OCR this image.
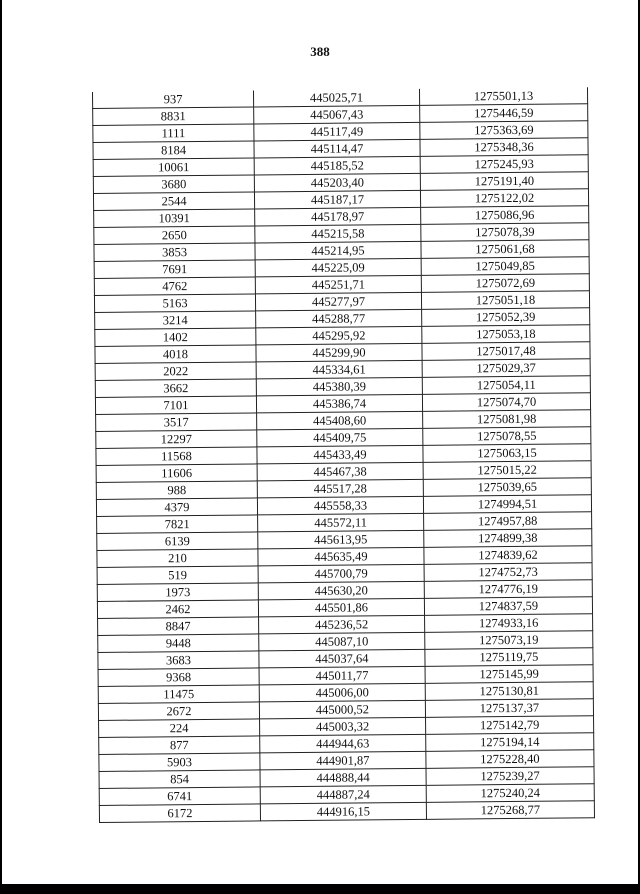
388
937	445025,71	1275501,13
8831	445067,43	1275446,59
1111	445117,49	1275363,69
8184	445114,47	1275348,36
10061	445185,52	1275245,93
3680	445203,40	1275191,40
2544	445187,17	1275122,02
10391	445178,97	1275086,96
2650	445215,58	1275078,39
3853	445214,95	1275061,68
7691	445225,09	1275049,85
4762	445251,71	1275072,69
5163	445277,97	1275051,18
3214	445288,77	1275052,39
1402	445295,92	1275053,18
4018	445299,90	1275017,48
2022	445334,61	1275029,37
3662	445380,39	1275054,11
7101	445386,74	1275074,70
3517	445408,60	1275081,98
12297	445409,75	1275078,55
11568	445433,49	1275063,15
11606	445467,38	1275015,22
988	445517,28	1275039,65
4379	445558,33	1274994,51
7821	445572,11	1274957,88
6139	445613,95	1274899,38
210	445635,49	1274839,62
519	445700,79	1274752,73
1973	445630,20	1274776,19
2462	445501,86	1274837,59
8847	445236,52	1274933,16
9448	445087,10	1275073,19
3683	445037,64	1275119,75
9368	445011,77	1275145,99
11475	445006,00	1275130,81
2672	445000,52	1275137,37
224	445003,32	1275142,79
877	444944,63	1275194,14
5903	444901,87	1275228,40
854	444888,44	1275239,27
6741	444887,24	1275240,24
6172	444916,15	1275268,77
